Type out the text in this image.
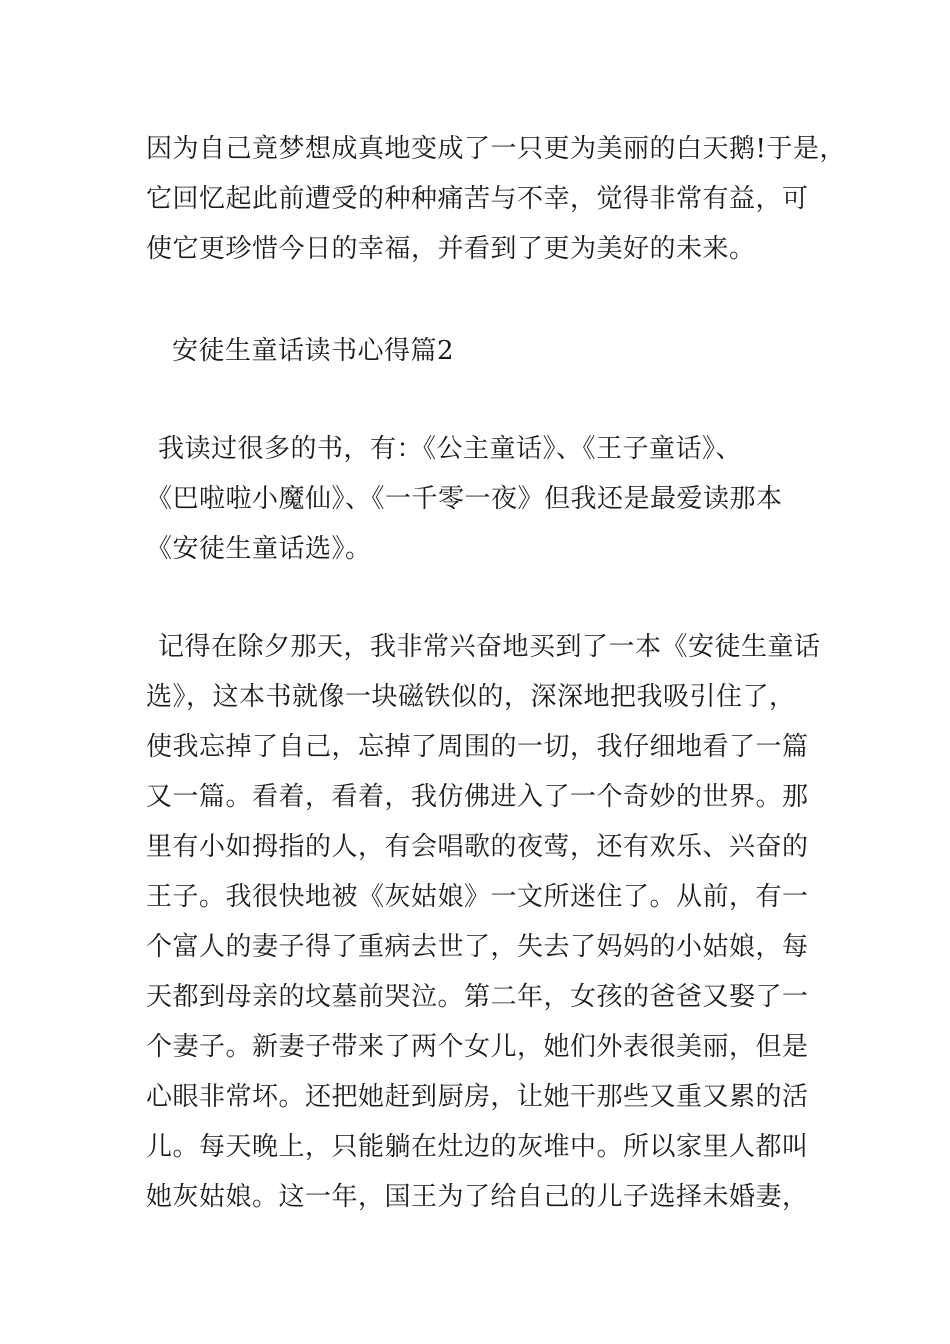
因为自己竟梦想成真地变成了一只更为美丽的白天鹅!于是，
它回忆起此前遭受的种种痛苦与不幸，觉得非常有益，可
使它更珍惜今日的幸福，并看到了更为美好的未来。
安徒生童话读书心得篇2
我读过很多的书，有：《公主童话》、《王子童话》、
《巴啦啦小魔仙》、《一千零一夜》但我还是最爱读那本
《安徒生童话选》。
记得在除夕那天，我非常兴奋地买到了一本《安徒生童话
选》，这本书就像一块磁铁似的，深深地把我吸引住了，
使我忘掉了自己，忘掉了周围的一切，我仔细地看了一篇
又一篇。看着，看着，我仿佛进入了一个奇妙的世界。那
里有小如拇指的人，有会唱歌的夜莺，还有欢乐、兴奋的
王子。我很快地被《灰姑娘》一文所迷住了。从前，有一
个富人的妻子得了重病去世了，失去了妈妈的小姑娘，每
天都到母亲的坟墓前哭泣。第二年，女孩的爸爸又娶了一
个妻子。新妻子带来了两个女儿，她们外表很美丽，但是
心眼非常坏。还把她赶到厨房，让她干那些又重又累的活
儿。每天晚上，只能躺在灶边的灰堆中。所以家里人都叫
她灰姑娘。这一年，国王为了给自己的儿子选择未婚妻，
